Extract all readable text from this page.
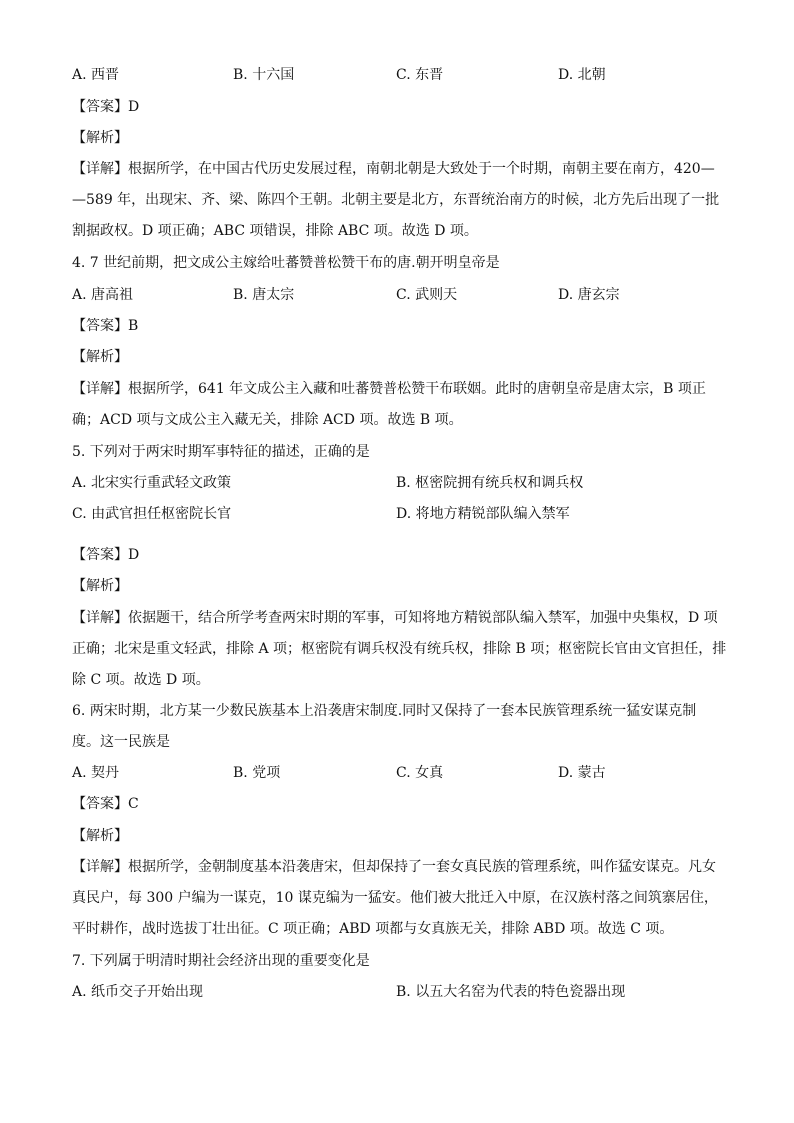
A. 西晋	B. 十六国	C. 东晋	D. 北朝
【答案】D
【解析】
【详解】根据所学，在中国古代历史发展过程，南朝北朝是大致处于一个时期，南朝主要在南方，420—
—589 年，出现宋、齐、梁、陈四个王朝。北朝主要是北方，东晋统治南方的时候，北方先后出现了一批
割据政权。D 项正确；ABC 项错误，排除 ABC 项。故选 D 项。
4. 7 世纪前期，把文成公主嫁给吐蕃赞普松赞干布的唐.朝开明皇帝是
A. 唐高祖	B. 唐太宗	C. 武则天	D. 唐玄宗
【答案】B
【解析】
【详解】根据所学，641 年文成公主入藏和吐蕃赞普松赞干布联姻。此时的唐朝皇帝是唐太宗，B 项正
确；ACD 项与文成公主入藏无关，排除 ACD 项。故选 B 项。
5. 下列对于两宋时期军事特征的描述，正确的是
A. 北宋实行重武轻文政策	B. 枢密院拥有统兵权和调兵权
C. 由武官担任枢密院长官	D. 将地方精锐部队编入禁军
【答案】D
【解析】
【详解】依据题干，结合所学考查两宋时期的军事，可知将地方精锐部队编入禁军，加强中央集权，D 项
正确；北宋是重文轻武，排除 A 项；枢密院有调兵权没有统兵权，排除 B 项；枢密院长官由文官担任，排
除 C 项。故选 D 项。
6. 两宋时期，北方某一少数民族基本上沿袭唐宋制度.同时又保持了一套本民族管理系统一猛安谋克制
度。这一民族是
A. 契丹	B. 党项	C. 女真	D. 蒙古
【答案】C
【解析】
【详解】根据所学，金朝制度基本沿袭唐宋，但却保持了一套女真民族的管理系统，叫作猛安谋克。凡女
真民户，每 300 户编为一谋克，10 谋克编为一猛安。他们被大批迁入中原，在汉族村落之间筑寨居住，
平时耕作，战时选拔丁壮出征。C 项正确；ABD 项都与女真族无关，排除 ABD 项。故选 C 项。
7. 下列属于明清时期社会经济出现的重要变化是
A. 纸币交子开始出现	B. 以五大名窑为代表的特色瓷器出现
